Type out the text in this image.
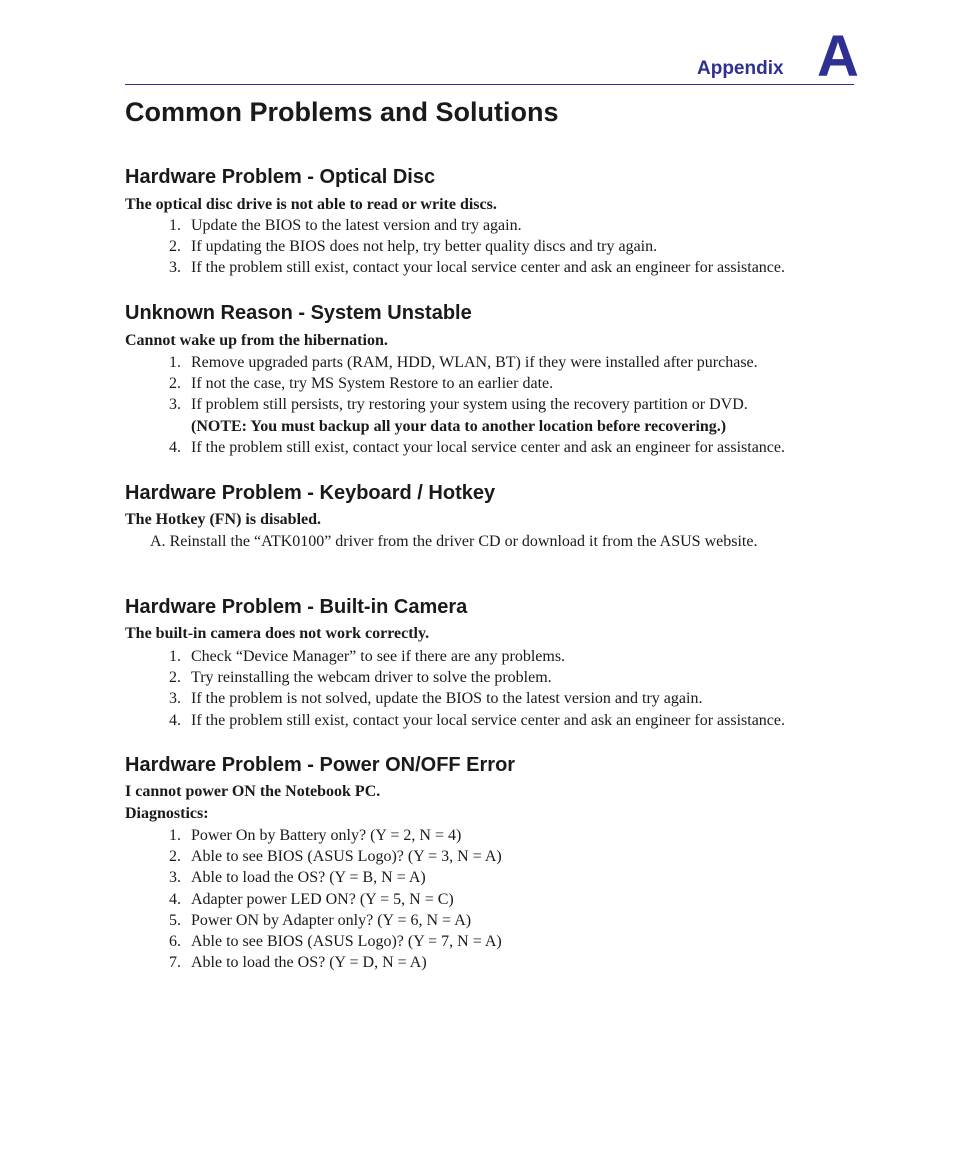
Appendix A
Common Problems and Solutions
Hardware Problem - Optical Disc

The optical disc drive is not able to read or write discs.

1. Update the BIOS to the latest version and try again.
2. If updating the BIOS does not help, try better quality discs and try again.
3. If the problem still exist, contact your local service center and ask an engineer for assistance.
Unknown Reason - System Unstable

Cannot wake up from the hibernation.

1. Remove upgraded parts (RAM, HDD, WLAN, BT) if they were installed after purchase.
2. If not the case, try MS System Restore to an earlier date.
3. If problem still persists, try restoring your system using the recovery partition or DVD.
(NOTE: You must backup all your data to another location before recovering.)
4. If the problem still exist, contact your local service center and ask an engineer for assistance.
Hardware Problem - Keyboard / Hotkey

The Hotkey (FN) is disabled.

A. Reinstall the “ATK0100” driver from the driver CD or download it from the ASUS website.

Hardware Problem - Built-in Camera

The built-in camera does not work correctly.

1. Check “Device Manager” to see if there are any problems.
2. Try reinstalling the webcam driver to solve the problem.
3. If the problem is not solved, update the BIOS to the latest version and try again.
4. If the problem still exist, contact your local service center and ask an engineer for assistance.
Hardware Problem - Power ON/OFF Error

I cannot power ON the Notebook PC.

Diagnostics:

1. Power On by Battery only? (Y = 2, N = 4)
2. Able to see BIOS (ASUS Logo)? (Y = 3, N = A)
3. Able to load the OS? (Y = B, N = A)
4. Adapter power LED ON? (Y = 5, N = C)
5. Power ON by Adapter only? (Y = 6, N = A)
6. Able to see BIOS (ASUS Logo)? (Y = 7, N = A)
7. Able to load the OS? (Y = D, N = A)
